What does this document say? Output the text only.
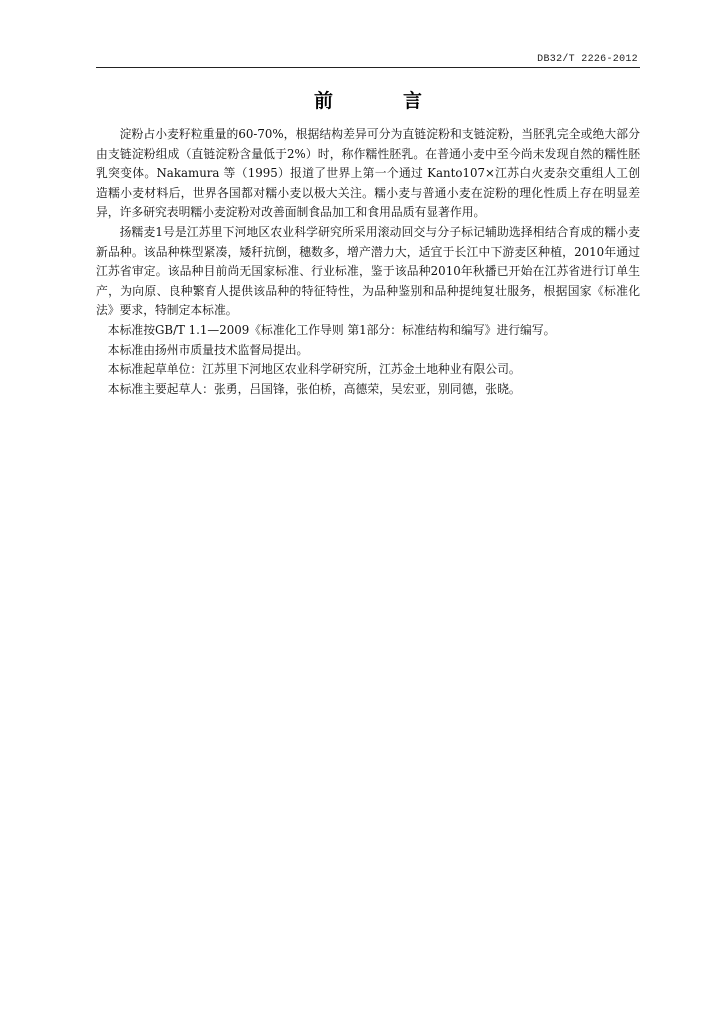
DB32/T 2226-2012
前	言

淀粉占小麦籽粒重量的60-70%，根据结构差异可分为直链淀粉和支链淀粉，当胚乳完全或绝大部分由支链淀粉组成（直链淀粉含量低于2%）时，称作糯性胚乳。在普通小麦中至今尚未发现自然的糯性胚乳突变体。Nakamura 等（1995）报道了世界上第一个通过 Kanto107×江苏白火麦杂交重组人工创造糯小麦材料后，世界各国都对糯小麦以极大关注。糯小麦与普通小麦在淀粉的理化性质上存在明显差异，许多研究表明糯小麦淀粉对改善面制食品加工和食用品质有显著作用。

扬糯麦1号是江苏里下河地区农业科学研究所采用滚动回交与分子标记辅助选择相结合育成的糯小麦新品种。该品种株型紧凑，矮秆抗倒，穗数多，增产潜力大，适宜于长江中下游麦区种植，2010年通过江苏省审定。该品种目前尚无国家标准、行业标准，鉴于该品种2010年秋播已开始在江苏省进行订单生产，为向原、良种繁育人提供该品种的特征特性，为品种鉴别和品种提纯复壮服务，根据国家《标准化法》要求，特制定本标准。

本标准按GB/T 1.1—2009《标准化工作导则 第1部分：标准结构和编写》进行编写。

本标准由扬州市质量技术监督局提出。

本标准起草单位：江苏里下河地区农业科学研究所，江苏金土地种业有限公司。

本标准主要起草人：张勇，吕国锋，张伯桥，高德荣，吴宏亚，别同德，张晓。
